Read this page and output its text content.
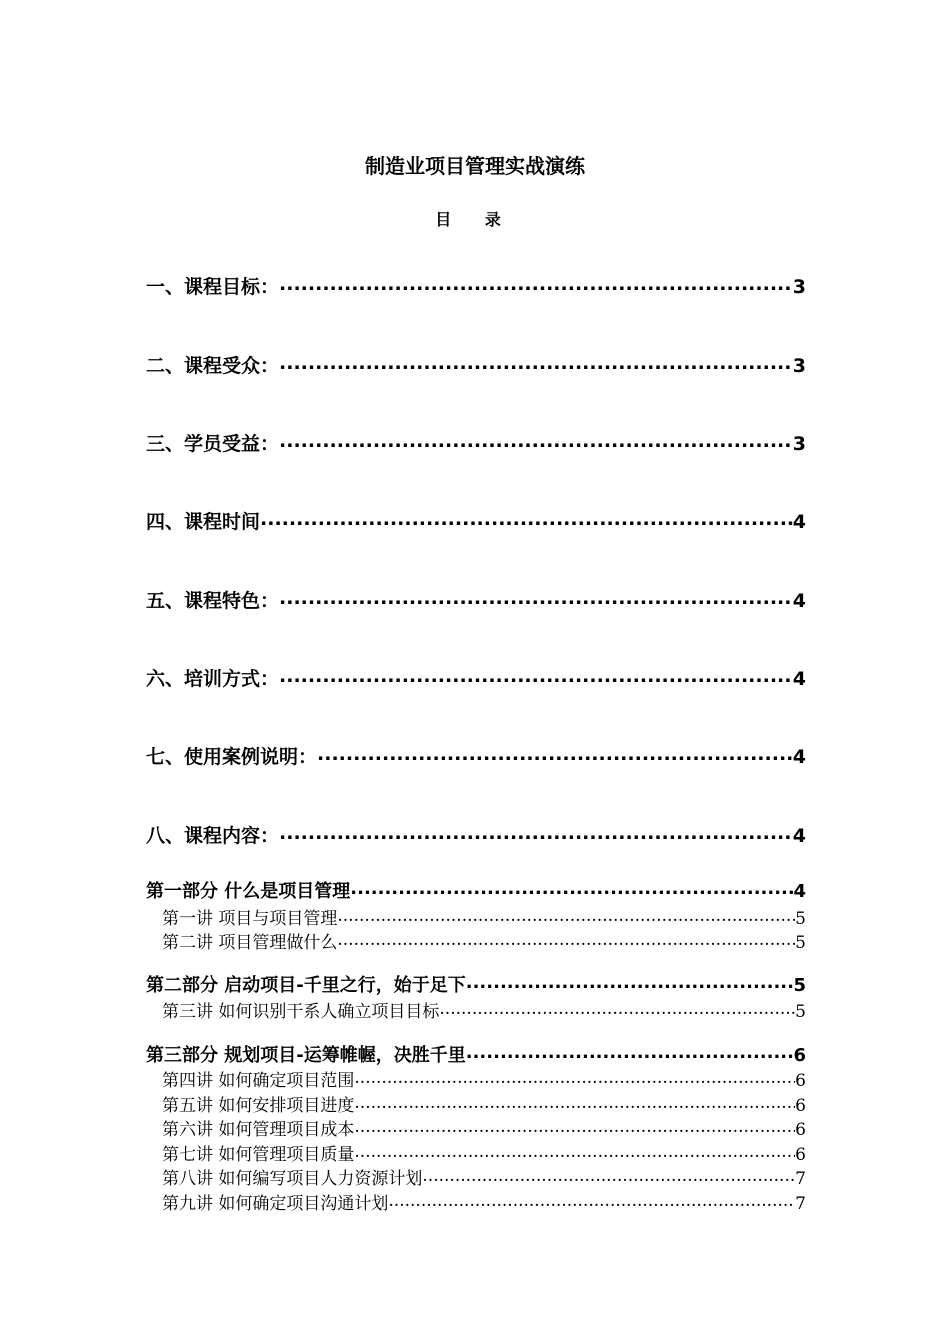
制造业项目管理实战演练
目 录
一、课程目标： .....	3
二、课程受众： .....	3
三、学员受益： .....	3
四、课程时间 .....	4
五、课程特色： .....	4
六、培训方式： .....	4
七、使用案例说明： .....	4
八、课程内容： .....	4
第一部分 什么是项目管理 .....	4
第一讲 项目与项目管理 .....	5
第二讲 项目管理做什么 .....	5
第二部分 启动项目-千里之行，始于足下 .....	5
第三讲 如何识别干系人确立项目目标 .....	5
第三部分 规划项目-运筹帷幄，决胜千里 .....	6
第四讲 如何确定项目范围 .....	6
第五讲 如何安排项目进度 .....	6
第六讲 如何管理项目成本 .....	6
第七讲 如何管理项目质量 .....	6
第八讲 如何编写项目人力资源计划 .....	7
第九讲 如何确定项目沟通计划 .....	7
